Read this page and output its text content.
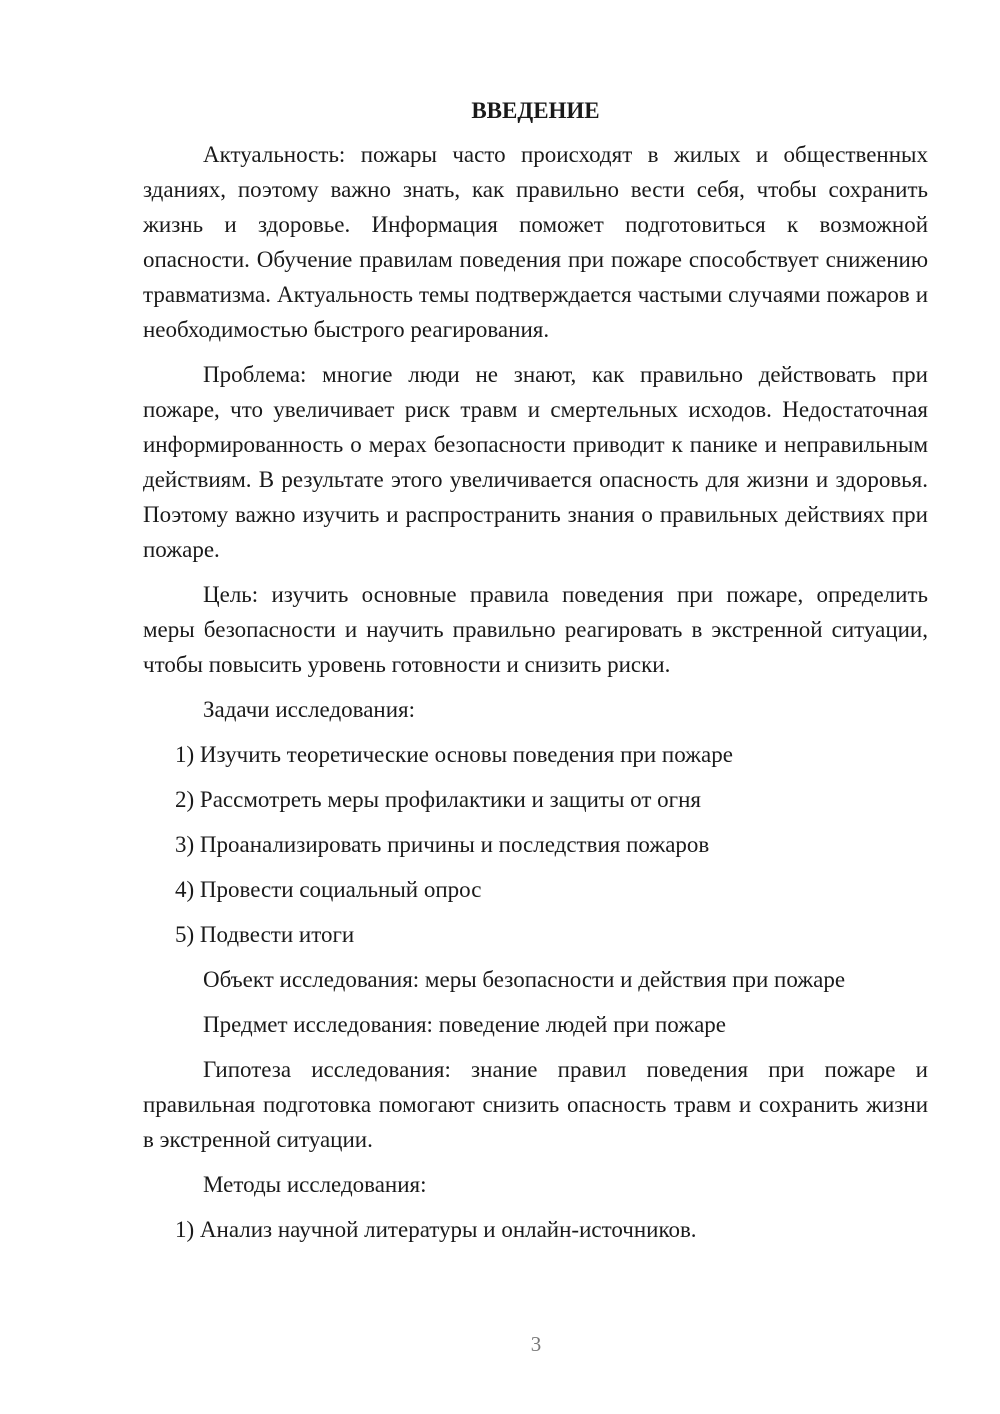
ВВЕДЕНИЕ

Актуальность: пожары часто происходят в жилых и общественных зданиях, поэтому важно знать, как правильно вести себя, чтобы сохранить жизнь и здоровье. Информация поможет подготовиться к возможной опасности. Обучение правилам поведения при пожаре способствует снижению травматизма. Актуальность темы подтверждается частыми случаями пожаров и необходимостью быстрого реагирования.

Проблема: многие люди не знают, как правильно действовать при пожаре, что увеличивает риск травм и смертельных исходов. Недостаточная информированность о мерах безопасности приводит к панике и неправильным действиям. В результате этого увеличивается опасность для жизни и здоровья. Поэтому важно изучить и распространить знания о правильных действиях при пожаре.

Цель: изучить основные правила поведения при пожаре, определить меры безопасности и научить правильно реагировать в экстренной ситуации, чтобы повысить уровень готовности и снизить риски.

Задачи исследования:

1) Изучить теоретические основы поведения при пожаре

2) Рассмотреть меры профилактики и защиты от огня

3) Проанализировать причины и последствия пожаров

4) Провести социальный опрос

5) Подвести итоги

Объект исследования: меры безопасности и действия при пожаре

Предмет исследования: поведение людей при пожаре

Гипотеза исследования: знание правил поведения при пожаре и правильная подготовка помогают снизить опасность травм и сохранить жизни в экстренной ситуации.

Методы исследования:

1) Анализ научной литературы и онлайн-источников.

3
